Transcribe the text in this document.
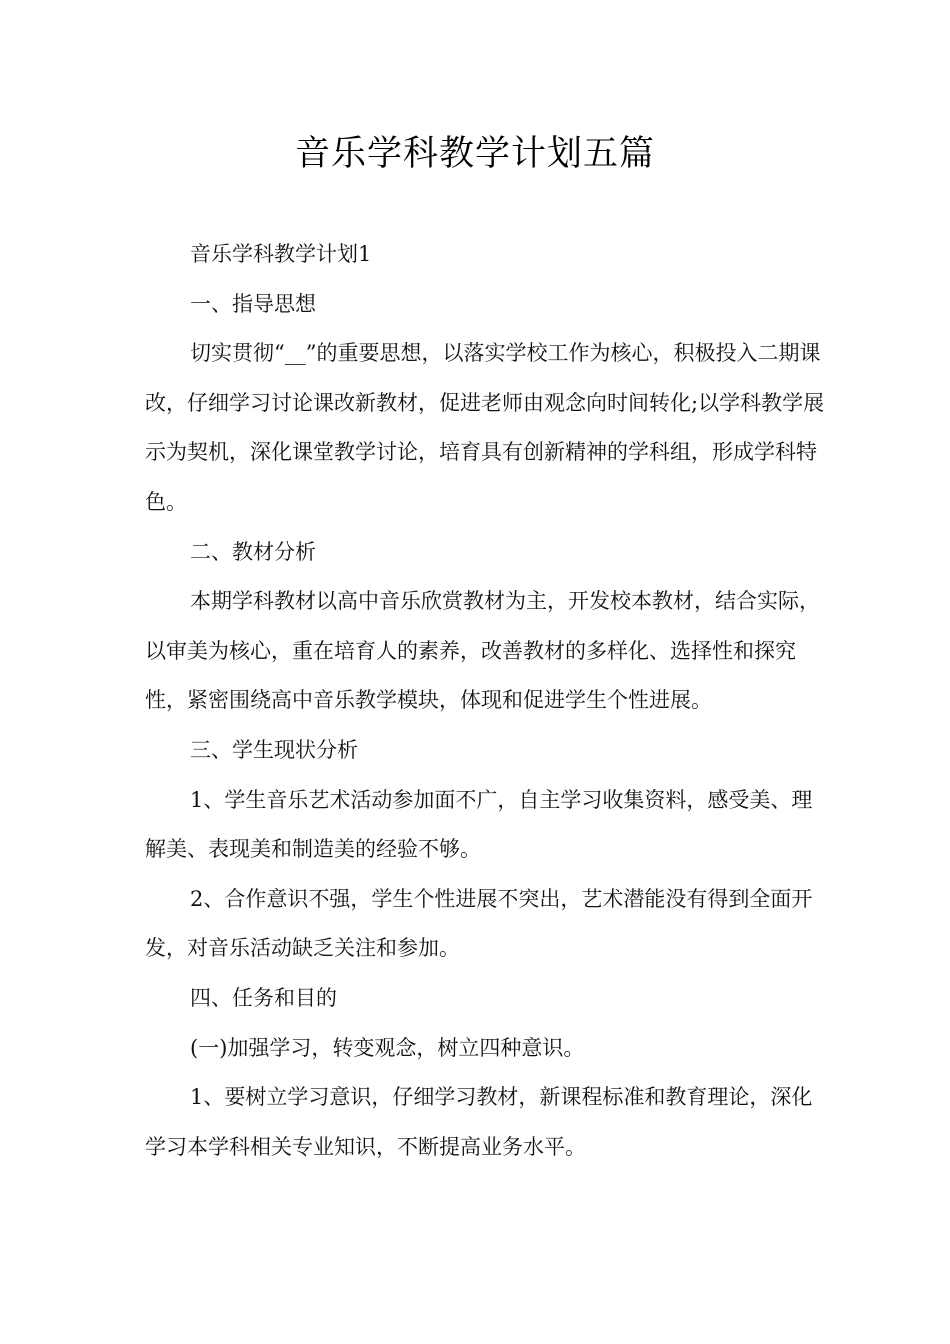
音乐学科教学计划五篇

音乐学科教学计划1

一、指导思想

切实贯彻“__”的重要思想，以落实学校工作为核心，积极投入二期课改，仔细学习讨论课改新教材，促进老师由观念向时间转化;以学科教学展示为契机，深化课堂教学讨论，培育具有创新精神的学科组，形成学科特色。

二、教材分析

本期学科教材以高中音乐欣赏教材为主，开发校本教材，结合实际，以审美为核心，重在培育人的素养，改善教材的多样化、选择性和探究性，紧密围绕高中音乐教学模块，体现和促进学生个性进展。

三、学生现状分析

1、学生音乐艺术活动参加面不广，自主学习收集资料，感受美、理解美、表现美和制造美的经验不够。

2、合作意识不强，学生个性进展不突出，艺术潜能没有得到全面开发，对音乐活动缺乏关注和参加。

四、任务和目的

(一)加强学习，转变观念，树立四种意识。

1、要树立学习意识，仔细学习教材，新课程标准和教育理论，深化学习本学科相关专业知识，不断提高业务水平。
